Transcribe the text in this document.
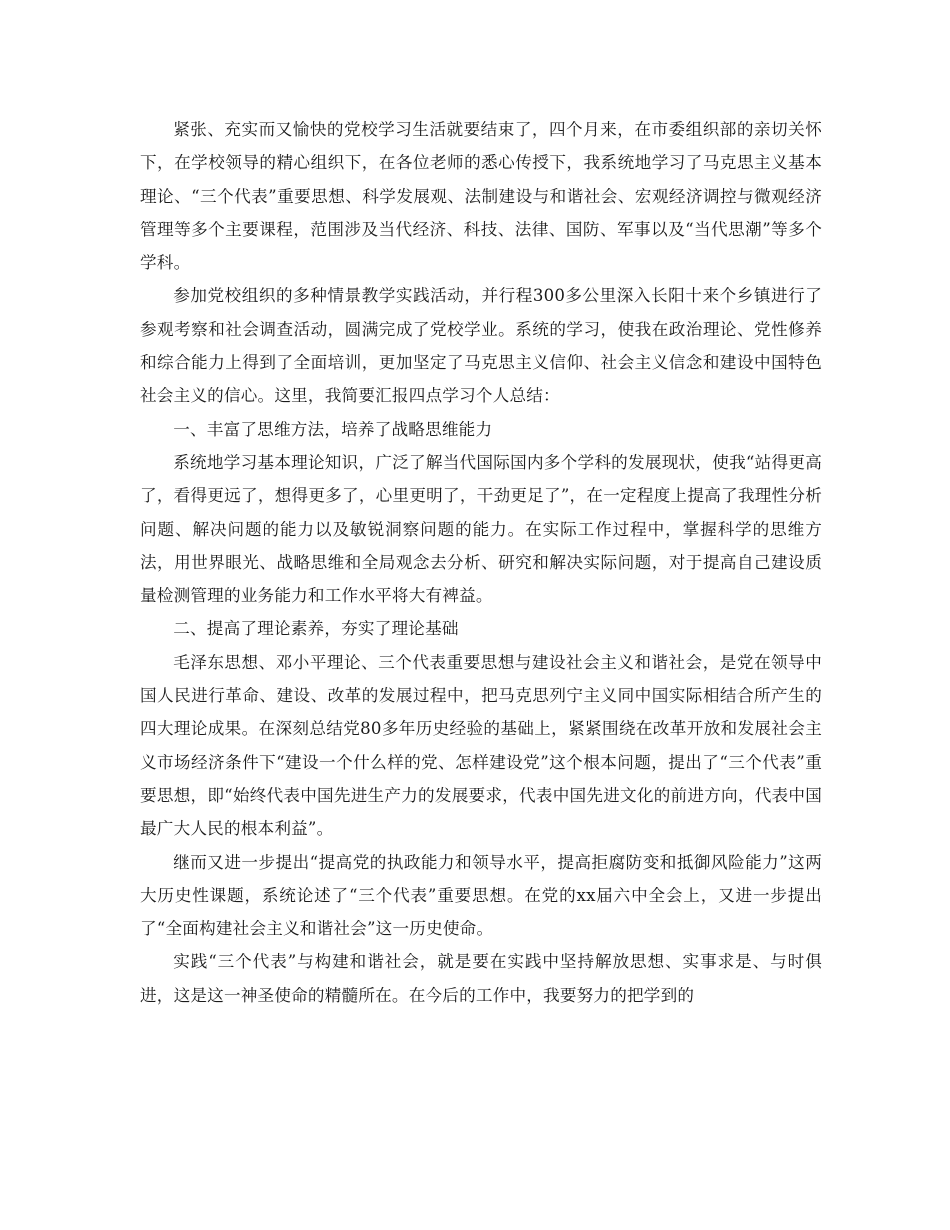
紧张、充实而又愉快的党校学习生活就要结束了，四个月来，在市委组织部的亲切关怀下，在学校领导的精心组织下，在各位老师的悉心传授下，我系统地学习了马克思主义基本理论、“三个代表”重要思想、科学发展观、法制建设与和谐社会、宏观经济调控与微观经济管理等多个主要课程，范围涉及当代经济、科技、法律、国防、军事以及“当代思潮”等多个学科。

参加党校组织的多种情景教学实践活动，并行程300多公里深入长阳十来个乡镇进行了参观考察和社会调查活动，圆满完成了党校学业。系统的学习，使我在政治理论、党性修养和综合能力上得到了全面培训，更加坚定了马克思主义信仰、社会主义信念和建设中国特色社会主义的信心。这里，我简要汇报四点学习个人总结：

一、丰富了思维方法，培养了战略思维能力

系统地学习基本理论知识，广泛了解当代国际国内多个学科的发展现状，使我“站得更高了，看得更远了，想得更多了，心里更明了，干劲更足了”，在一定程度上提高了我理性分析问题、解决问题的能力以及敏锐洞察问题的能力。在实际工作过程中，掌握科学的思维方法，用世界眼光、战略思维和全局观念去分析、研究和解决实际问题，对于提高自己建设质量检测管理的业务能力和工作水平将大有裨益。

二、提高了理论素养，夯实了理论基础

毛泽东思想、邓小平理论、三个代表重要思想与建设社会主义和谐社会，是党在领导中国人民进行革命、建设、改革的发展过程中，把马克思列宁主义同中国实际相结合所产生的四大理论成果。在深刻总结党80多年历史经验的基础上，紧紧围绕在改革开放和发展社会主义市场经济条件下“建设一个什么样的党、怎样建设党”这个根本问题，提出了“三个代表”重要思想，即“始终代表中国先进生产力的发展要求，代表中国先进文化的前进方向，代表中国最广大人民的根本利益”。

继而又进一步提出“提高党的执政能力和领导水平，提高拒腐防变和抵御风险能力”这两大历史性课题，系统论述了“三个代表”重要思想。在党的xx届六中全会上，又进一步提出了“全面构建社会主义和谐社会”这一历史使命。

实践“三个代表”与构建和谐社会，就是要在实践中坚持解放思想、实事求是、与时俱进，这是这一神圣使命的精髓所在。在今后的工作中，我要努力的把学到的
